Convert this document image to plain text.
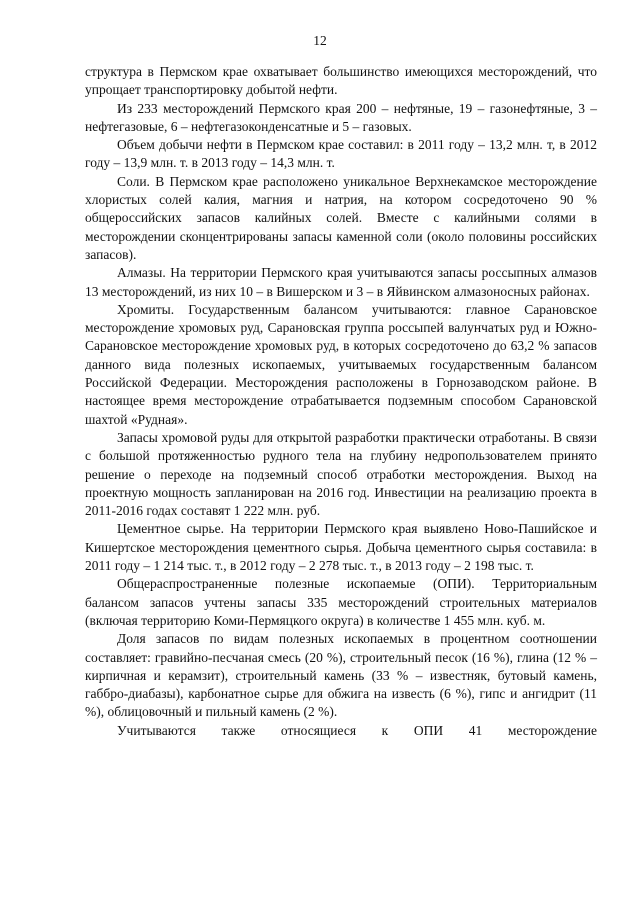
12

структура в Пермском крае охватывает большинство имеющихся месторождений, что упрощает транспортировку добытой нефти.

Из 233 месторождений Пермского края 200 – нефтяные, 19 – газонефтяные, 3 – нефтегазовые, 6 – нефтегазоконденсатные и 5 – газовых.

Объем добычи нефти в Пермском крае составил: в 2011 году – 13,2 млн. т, в 2012 году – 13,9 млн. т. в 2013 году – 14,3 млн. т.

Соли. В Пермском крае расположено уникальное Верхнекамское месторождение хлористых солей калия, магния и натрия, на котором сосредоточено 90 % общероссийских запасов калийных солей. Вместе с калийными солями в месторождении сконцентрированы запасы каменной соли (около половины российских запасов).

Алмазы. На территории Пермского края учитываются запасы россыпных алмазов 13 месторождений, из них 10 – в Вишерском и 3 – в Яйвинском алмазоносных районах.

Хромиты. Государственным балансом учитываются: главное Сарановское месторождение хромовых руд, Сарановская группа россыпей валунчатых руд и Южно-Сарановское месторождение хромовых руд, в которых сосредоточено до 63,2 % запасов данного вида полезных ископаемых, учитываемых государственным балансом Российской Федерации. Месторождения расположены в Горнозаводском районе. В настоящее время месторождение отрабатывается подземным способом Сарановской шахтой «Рудная».

Запасы хромовой руды для открытой разработки практически отработаны. В связи с большой протяженностью рудного тела на глубину недропользователем принято решение о переходе на подземный способ отработки месторождения. Выход на проектную мощность запланирован на 2016 год. Инвестиции на реализацию проекта в 2011-2016 годах составят 1 222 млн. руб.

Цементное сырье. На территории Пермского края выявлено Ново-Пашийское и Кишертское месторождения цементного сырья. Добыча цементного сырья составила: в 2011 году – 1 214 тыс. т., в 2012 году – 2 278 тыс. т., в 2013 году – 2 198 тыс. т.

Общераспространенные полезные ископаемые (ОПИ). Территориальным балансом запасов учтены запасы 335 месторождений строительных материалов (включая территорию Коми-Пермяцкого округа) в количестве 1 455 млн. куб. м.

Доля запасов по видам полезных ископаемых в процентном соотношении составляет: гравийно-песчаная смесь (20 %), строительный песок (16 %), глина (12 % – кирпичная и керамзит), строительный камень (33 % – известняк, бутовый камень, габбро-диабазы), карбонатное сырье для обжига на известь (6 %), гипс и ангидрит (11 %), облицовочный и пильный камень (2 %).

Учитываются также относящиеся к ОПИ 41 месторождение
